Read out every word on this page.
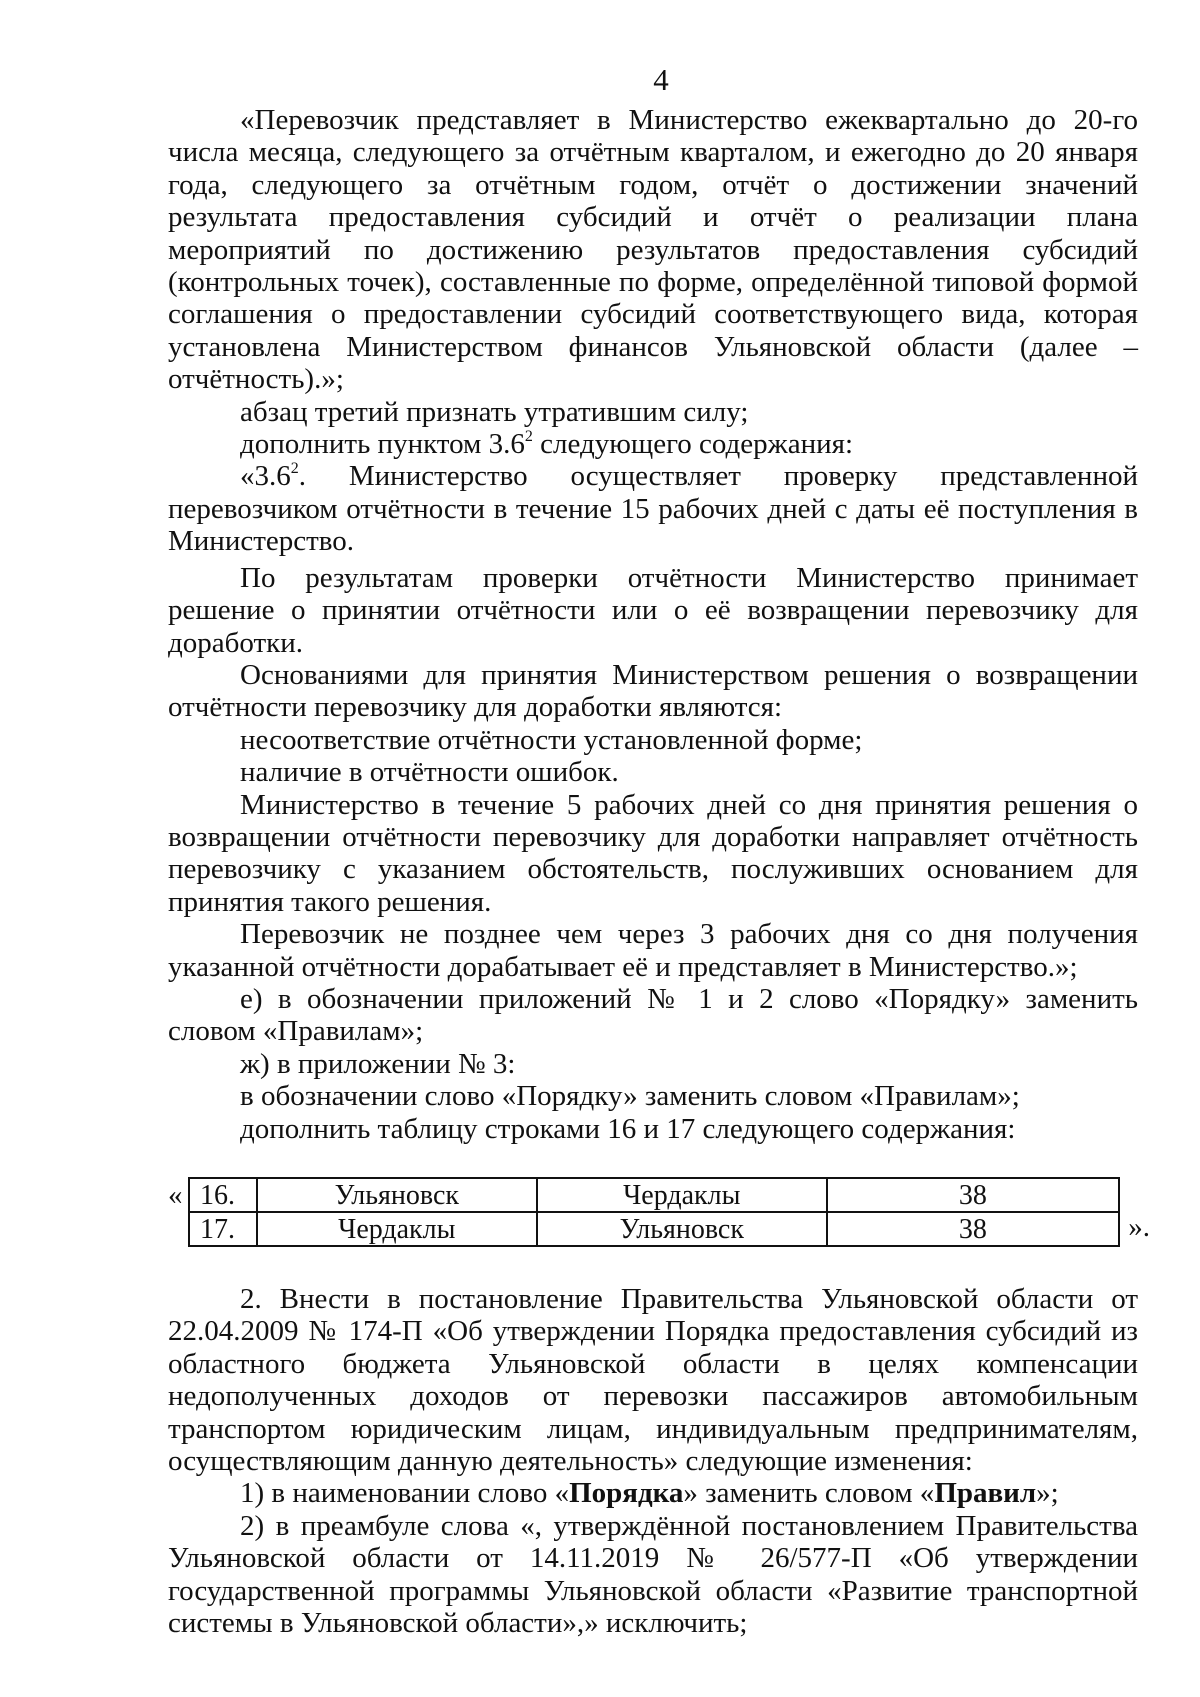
4

«Перевозчик представляет в Министерство ежеквартально до 20-го числа месяца, следующего за отчётным кварталом, и ежегодно до 20 января года, следующего за отчётным годом, отчёт о достижении значений результата предоставления субсидий и отчёт о реализации плана мероприятий по достижению результатов предоставления субсидий (контрольных точек), составленные по форме, определённой типовой формой соглашения о предоставлении субсидий соответствующего вида, которая установлена Министерством финансов Ульяновской области (далее – отчётность).»;

абзац третий признать утратившим силу;

дополнить пунктом $3.6^2$ следующего содержания:

«$3.6^2$. Министерство осуществляет проверку представленной перевозчиком отчётности в течение 15 рабочих дней с даты её поступления в Министерство.

По результатам проверки отчётности Министерство принимает решение о принятии отчётности или о её возвращении перевозчику для доработки.

Основаниями для принятия Министерством решения о возвращении отчётности перевозчику для доработки являются:

несоответствие отчётности установленной форме;

наличие в отчётности ошибок.

Министерство в течение 5 рабочих дней со дня принятия решения о возвращении отчётности перевозчику для доработки направляет отчётность перевозчику с указанием обстоятельств, послуживших основанием для принятия такого решения.

Перевозчик не позднее чем через 3 рабочих дня со дня получения указанной отчётности дорабатывает её и представляет в Министерство.»;

е) в обозначении приложений № 1 и 2 слово «Порядку» заменить словом «Правилам»;

ж) в приложении № 3:

в обозначении слово «Порядку» заменить словом «Правилам»;

дополнить таблицу строками 16 и 17 следующего содержания:

« 16.	Ульяновск	Чердаклы	38
17.	Чердаклы	Ульяновск	38	».

2. Внести в постановление Правительства Ульяновской области от 22.04.2009 № 174-П «Об утверждении Порядка предоставления субсидий из областного бюджета Ульяновской области в целях компенсации недополученных доходов от перевозки пассажиров автомобильным транспортом юридическим лицам, индивидуальным предпринимателям, осуществляющим данную деятельность» следующие изменения:

1) в наименовании слово «Порядка» заменить словом «Правил»;

2) в преамбуле слова «, утверждённой постановлением Правительства Ульяновской области от 14.11.2019 № 26/577-П «Об утверждении государственной программы Ульяновской области «Развитие транспортной системы в Ульяновской области»,» исключить;
